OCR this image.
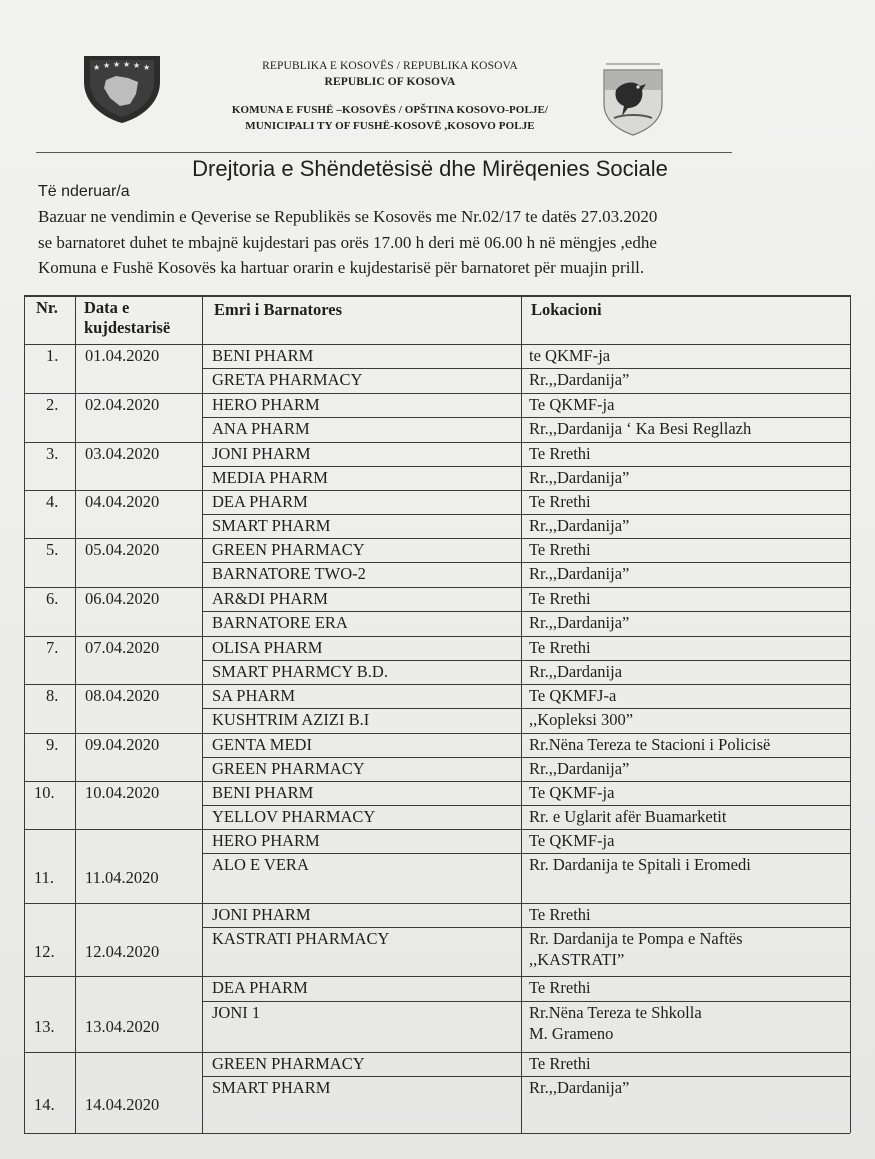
★ ★ ★ ★ ★ ★	REPUBLIKA E KOSOVËS / REPUBLIKA KOSOVA
REPUBLIC OF KOSOVA
KOMUNA E FUSHË –KOSOVËS / OPŠTINA KOSOVO-POLJE/
MUNICIPALI TY OF FUSHË-KOSOVË ,KOSOVO POLJE
Drejtoria e Shëndetësisë dhe Mirëqenies Sociale
Të nderuar/a
Bazuar ne vendimin e Qeverise se Republikës se Kosovës me Nr.02/17 te datës 27.03.2020
se barnatoret duhet te mbajnë kujdestari pas orës 17.00 h deri më 06.00 h në mëngjes ,edhe
Komuna e Fushë Kosovës ka hartuar orarin e kujdestarisë për barnatoret për muajin prill.
Nr. Data e
kujdestarisë
Emri i Barnatores	Lokacioni
1. 01.04.2020	BENI PHARM	te QKMF-ja
GRETA PHARMACY	Rr.,,Dardanija”
2. 02.04.2020	HERO PHARM	Te QKMF-ja
ANA PHARM	Rr.,,Dardanija ‘ Ka Besi Regllazh
3. 03.04.2020	JONI PHARM	Te Rrethi
MEDIA PHARM	Rr.,,Dardanija”
4. 04.04.2020	DEA PHARM	Te Rrethi
SMART PHARM	Rr.,,Dardanija”
5. 05.04.2020	GREEN PHARMACY	Te Rrethi
BARNATORE TWO-2	Rr.,,Dardanija”
6. 06.04.2020	AR&DI PHARM	Te Rrethi
BARNATORE ERA	Rr.,,Dardanija”
7. 07.04.2020	OLISA PHARM	Te Rrethi
SMART PHARMCY B.D.	Rr.,,Dardanija
8. 08.04.2020	SA PHARM	Te QKMFJ-a
KUSHTRIM AZIZI B.I	,,Kopleksi 300”
9. 09.04.2020	GENTA MEDI	Rr.Nëna Tereza te Stacioni i Policisë
GREEN PHARMACY	Rr.,,Dardanija”
10. 10.04.2020	BENI PHARM	Te QKMF-ja
YELLOV PHARMACY	Rr. e Uglarit afër Buamarketit
11. 11.04.2020
HERO PHARM	Te QKMF-ja
ALO E VERA	Rr. Dardanija te Spitali i Eromedi
12. 12.04.2020
JONI PHARM	Te Rrethi
KASTRATI PHARMACY	Rr. Dardanija te Pompa e Naftës
,,KASTRATI”
13. 13.04.2020
DEA PHARM	Te Rrethi
JONI 1	Rr.Nëna Tereza te Shkolla
M. Grameno
14. 14.04.2020
GREEN PHARMACY	Te Rrethi
SMART PHARM	Rr.,,Dardanija”
